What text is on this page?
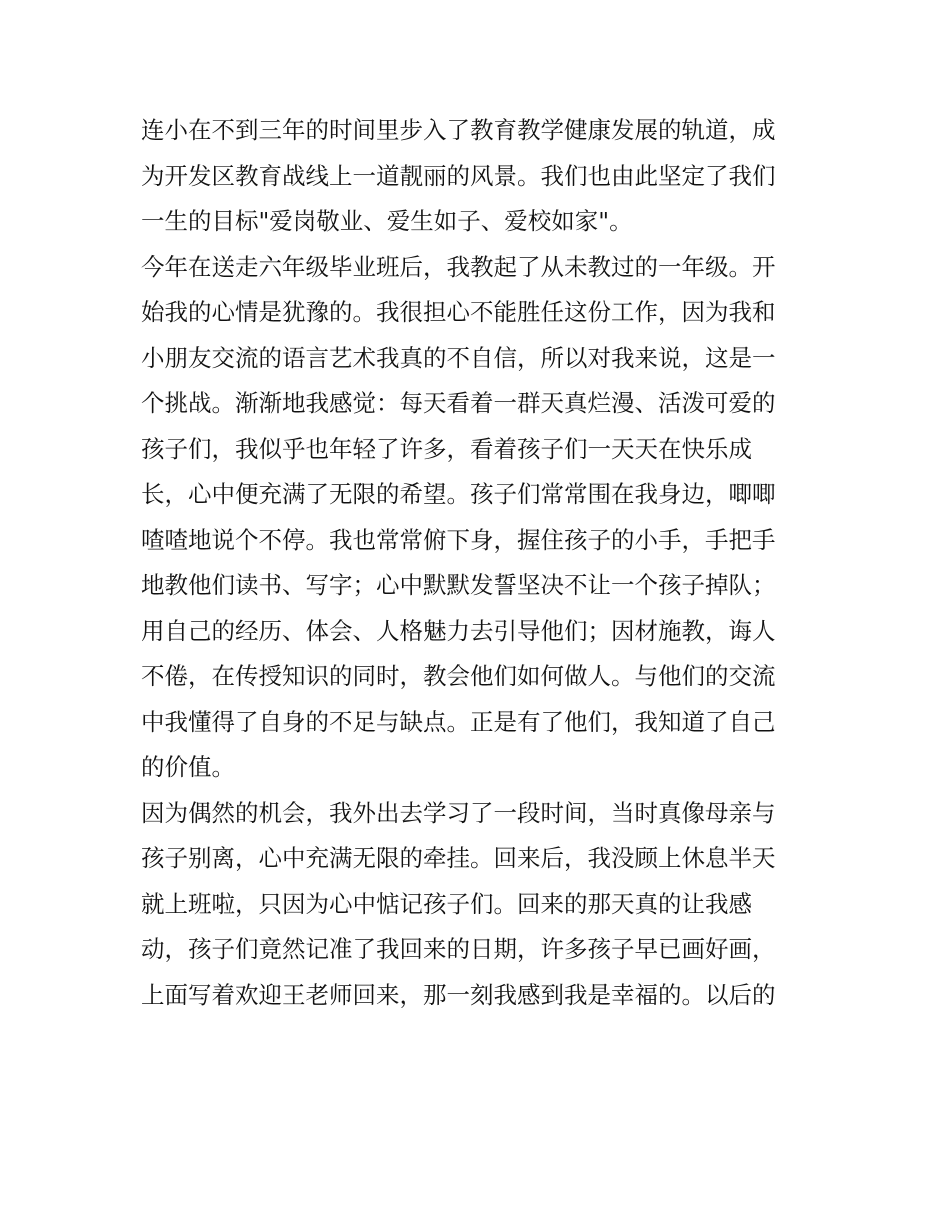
连小在不到三年的时间里步入了教育教学健康发展的轨道，成
为开发区教育战线上一道靓丽的风景。我们也由此坚定了我们
一生的目标"爱岗敬业、爱生如子、爱校如家"。
今年在送走六年级毕业班后，我教起了从未教过的一年级。开
始我的心情是犹豫的。我很担心不能胜任这份工作，因为我和
小朋友交流的语言艺术我真的不自信，所以对我来说，这是一
个挑战。渐渐地我感觉：每天看着一群天真烂漫、活泼可爱的
孩子们，我似乎也年轻了许多，看着孩子们一天天在快乐成
长，心中便充满了无限的希望。孩子们常常围在我身边，唧唧
喳喳地说个不停。我也常常俯下身，握住孩子的小手，手把手
地教他们读书、写字；心中默默发誓坚决不让一个孩子掉队；
用自己的经历、体会、人格魅力去引导他们；因材施教，诲人
不倦，在传授知识的同时，教会他们如何做人。与他们的交流
中我懂得了自身的不足与缺点。正是有了他们，我知道了自己
的价值。
因为偶然的机会，我外出去学习了一段时间，当时真像母亲与
孩子别离，心中充满无限的牵挂。回来后，我没顾上休息半天
就上班啦，只因为心中惦记孩子们。回来的那天真的让我感
动，孩子们竟然记准了我回来的日期，许多孩子早已画好画，
上面写着欢迎王老师回来，那一刻我感到我是幸福的。以后的
